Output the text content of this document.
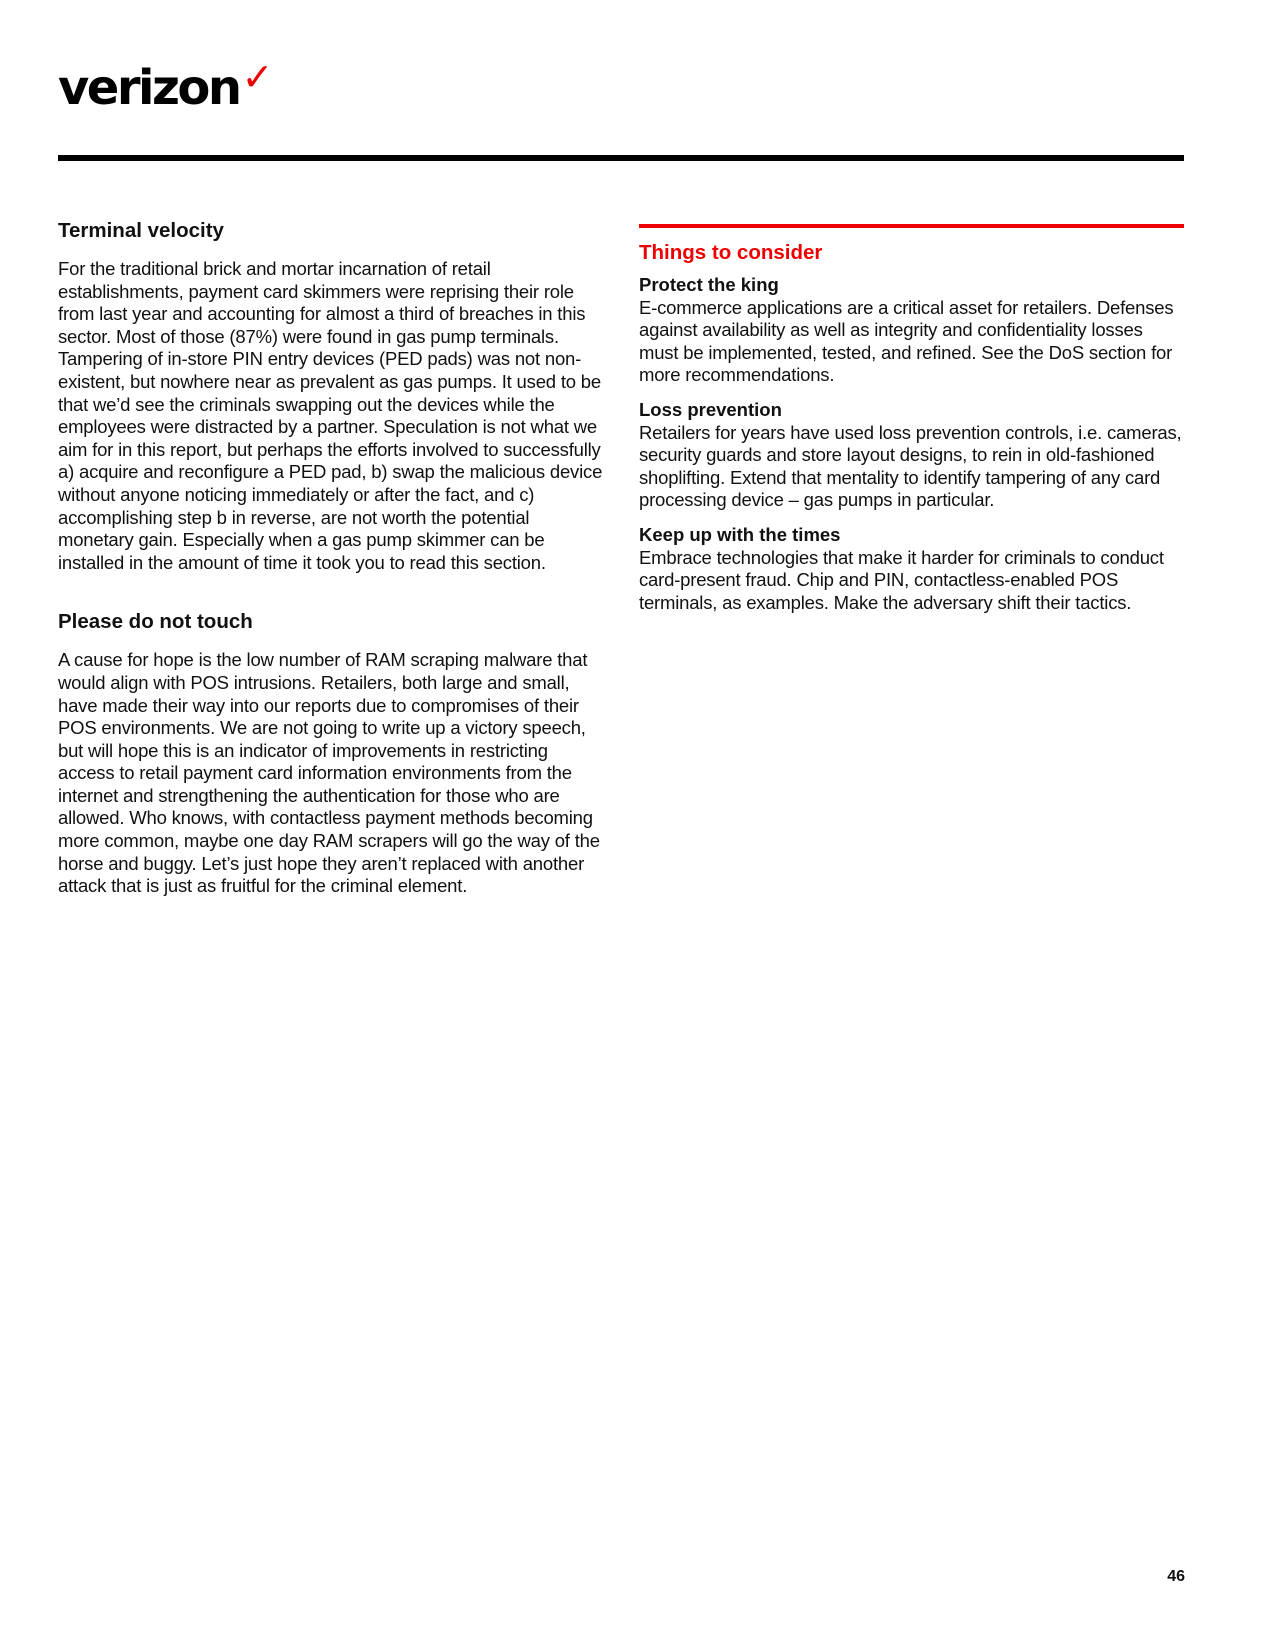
verizon✓
Terminal velocity

For the traditional brick and mortar incarnation of retail establishments, payment card skimmers were reprising their role from last year and accounting for almost a third of breaches in this sector. Most of those (87%) were found in gas pump terminals. Tampering of in-store PIN entry devices (PED pads) was not non-existent, but nowhere near as prevalent as gas pumps. It used to be that we’d see the criminals swapping out the devices while the employees were distracted by a partner. Speculation is not what we aim for in this report, but perhaps the efforts involved to successfully a) acquire and reconfigure a PED pad, b) swap the malicious device without anyone noticing immediately or after the fact, and c) accomplishing step b in reverse, are not worth the potential monetary gain. Especially when a gas pump skimmer can be installed in the amount of time it took you to read this section.

Please do not touch

A cause for hope is the low number of RAM scraping malware that would align with POS intrusions. Retailers, both large and small, have made their way into our reports due to compromises of their POS environments. We are not going to write up a victory speech, but will hope this is an indicator of improvements in restricting access to retail payment card information environments from the internet and strengthening the authentication for those who are allowed. Who knows, with contactless payment methods becoming more common, maybe one day RAM scrapers will go the way of the horse and buggy. Let’s just hope they aren’t replaced with another attack that is just as fruitful for the criminal element.

Things to consider
Protect the king

E-commerce applications are a critical asset for retailers. Defenses against availability as well as integrity and confidentiality losses must be implemented, tested, and refined. See the DoS section for more recommendations.

Loss prevention

Retailers for years have used loss prevention controls, i.e. cameras, security guards and store layout designs, to rein in old-fashioned shoplifting. Extend that mentality to identify tampering of any card processing device – gas pumps in particular.

Keep up with the times

Embrace technologies that make it harder for criminals to conduct card-present fraud. Chip and PIN, contactless-enabled POS terminals, as examples. Make the adversary shift their tactics.

46
